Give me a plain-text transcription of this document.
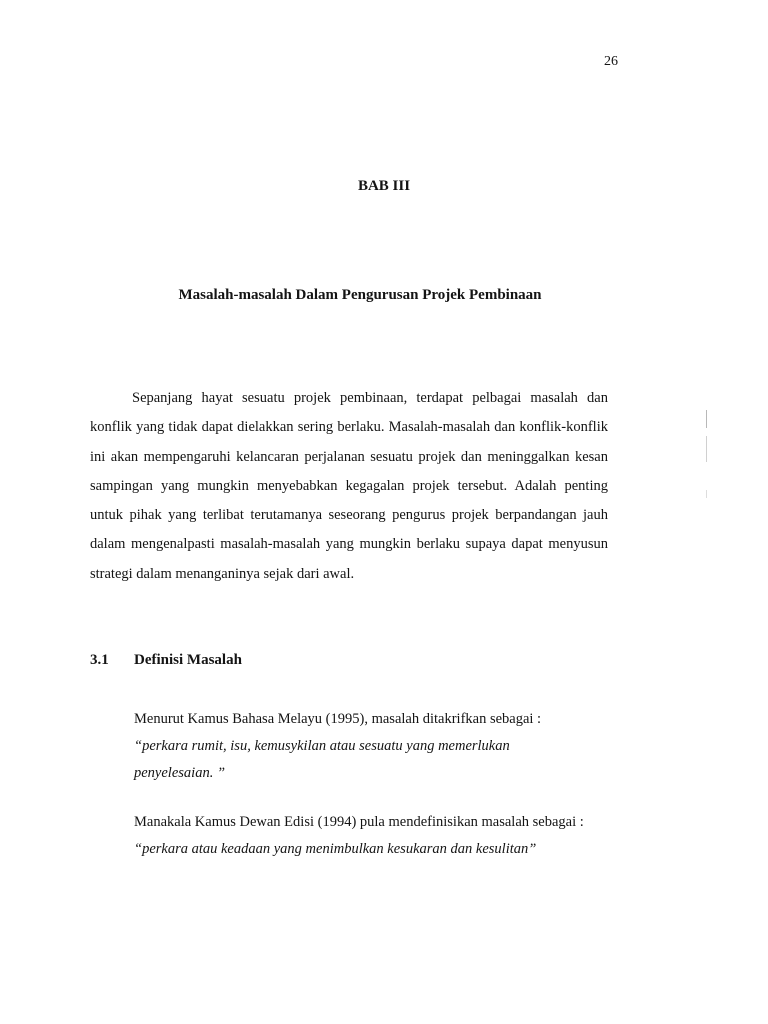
26
BAB III
Masalah-masalah Dalam Pengurusan Projek Pembinaan

Sepanjang hayat sesuatu projek pembinaan, terdapat pelbagai masalah dan
konflik yang tidak dapat dielakkan sering berlaku. Masalah-masalah dan konflik-konflik
ini akan mempengaruhi kelancaran perjalanan sesuatu projek dan meninggalkan kesan
sampingan yang mungkin menyebabkan kegagalan projek tersebut. Adalah penting
untuk pihak yang terlibat terutamanya seseorang pengurus projek berpandangan jauh
dalam mengenalpasti masalah-masalah yang mungkin berlaku supaya dapat menyusun
strategi dalam menanganinya sejak dari awal.

3.1 Definisi Masalah

Menurut Kamus Bahasa Melayu (1995), masalah ditakrifkan sebagai :
“perkara rumit, isu, kemusykilan atau sesuatu yang memerlukan
penyelesaian. ”

Manakala Kamus Dewan Edisi (1994) pula mendefinisikan masalah sebagai :
“perkara atau keadaan yang menimbulkan kesukaran dan kesulitan”
